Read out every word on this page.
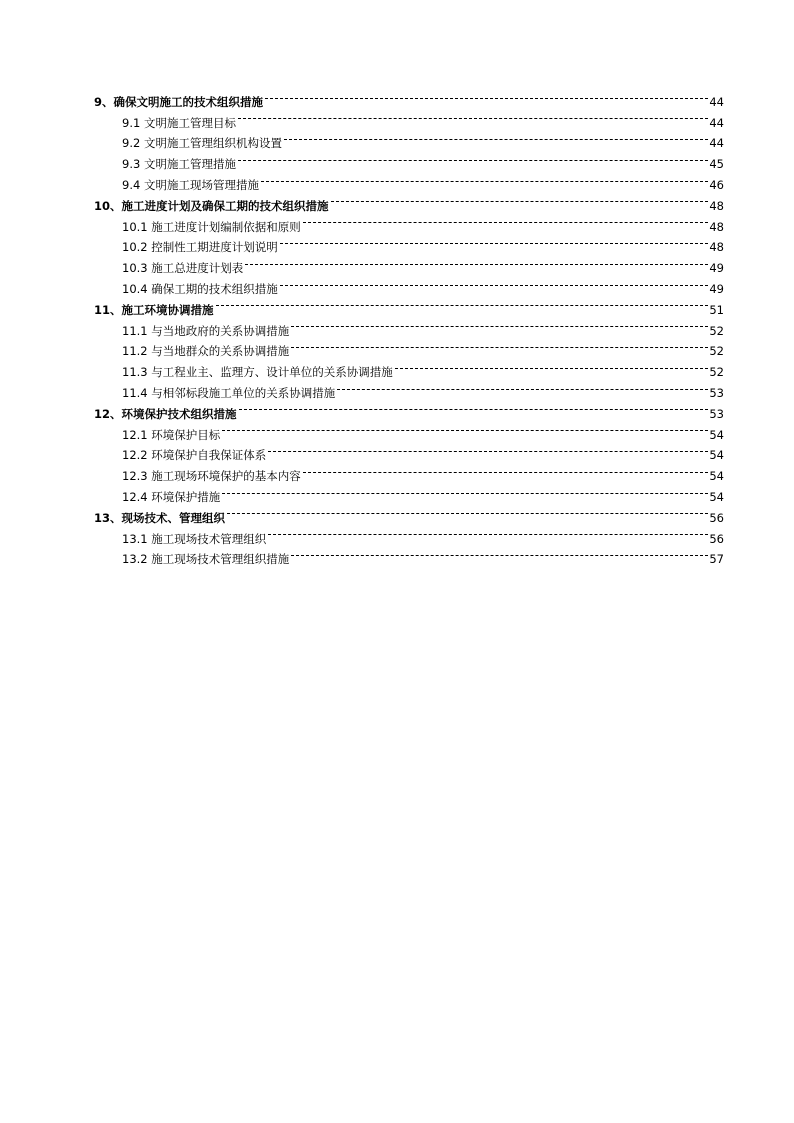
9、确保文明施工的技术组织措施	44
9.1 文明施工管理目标	44
9.2 文明施工管理组织机构设置	44
9.3 文明施工管理措施	45
9.4 文明施工现场管理措施	46
10、施工进度计划及确保工期的技术组织措施	48
10.1 施工进度计划编制依据和原则	48
10.2 控制性工期进度计划说明	48
10.3 施工总进度计划表	49
10.4 确保工期的技术组织措施	49
11、施工环境协调措施	51
11.1 与当地政府的关系协调措施	52
11.2 与当地群众的关系协调措施	52
11.3 与工程业主、监理方、设计单位的关系协调措施	52
11.4 与相邻标段施工单位的关系协调措施	53
12、环境保护技术组织措施	53
12.1 环境保护目标	54
12.2 环境保护自我保证体系	54
12.3 施工现场环境保护的基本内容	54
12.4 环境保护措施	54
13、现场技术、管理组织	56
13.1 施工现场技术管理组织	56
13.2 施工现场技术管理组织措施	57
